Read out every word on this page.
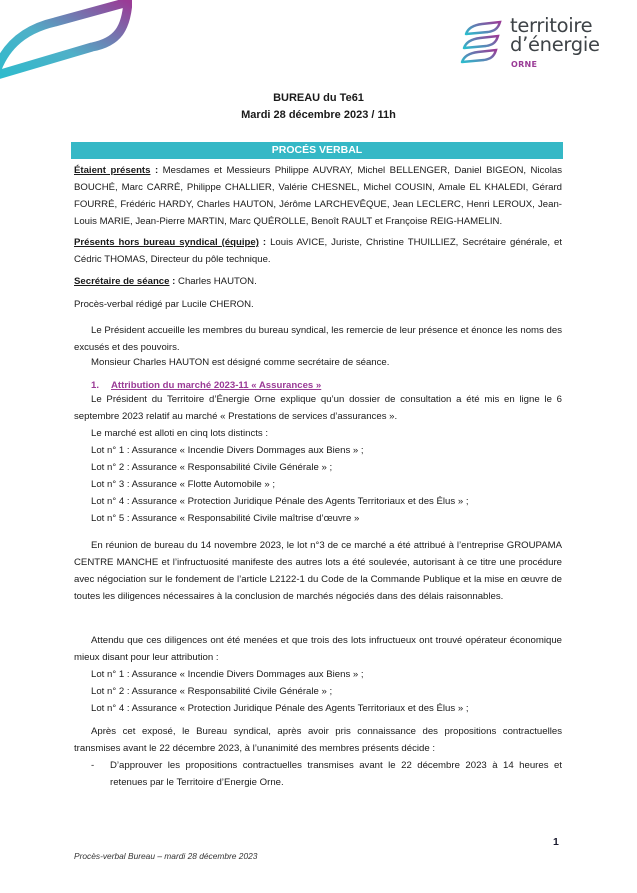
territoire
d’énergie
ORNE
BUREAU du Te61
Mardi 28 décembre 2023 / 11h
PROCÉS VERBAL
Étaient présents : Mesdames et Messieurs Philippe AUVRAY, Michel BELLENGER, Daniel BIGEON, Nicolas BOUCHÉ, Marc CARRÉ, Philippe CHALLIER, Valérie CHESNEL, Michel COUSIN, Amale EL KHALEDI, Gérard FOURRÉ, Frédéric HARDY, Charles HAUTON, Jérôme LARCHEVÊQUE, Jean LECLERC, Henri LEROUX, Jean-Louis MARIE, Jean-Pierre MARTIN, Marc QUÉROLLE, Benoît RAULT et Françoise REIG-HAMELIN.
Présents hors bureau syndical (équipe) : Louis AVICE, Juriste, Christine THUILLIEZ, Secrétaire générale, et Cédric THOMAS, Directeur du pôle technique.
Secrétaire de séance : Charles HAUTON.
Procès-verbal rédigé par Lucile CHERON.
Le Président accueille les membres du bureau syndical, les remercie de leur présence et énonce les noms des excusés et des pouvoirs.
Monsieur Charles HAUTON est désigné comme secrétaire de séance.
1. Attribution du marché 2023-11 « Assurances »
Le Président du Territoire d’Énergie Orne explique qu’un dossier de consultation a été mis en ligne le 6 septembre 2023 relatif au marché « Prestations de services d’assurances ».
Le marché est alloti en cinq lots distincts :
Lot n° 1 : Assurance « Incendie Divers Dommages aux Biens » ;
Lot n° 2 : Assurance « Responsabilité Civile Générale » ;
Lot n° 3 : Assurance « Flotte Automobile » ;
Lot n° 4 : Assurance « Protection Juridique Pénale des Agents Territoriaux et des Élus » ;
Lot n° 5 : Assurance « Responsabilité Civile maîtrise d’œuvre »
En réunion de bureau du 14 novembre 2023, le lot n°3 de ce marché a été attribué à l’entreprise GROUPAMA CENTRE MANCHE et l’infructuosité manifeste des autres lots a été soulevée, autorisant à ce titre une procédure avec négociation sur le fondement de l’article L2122-1 du Code de la Commande Publique et la mise en œuvre de toutes les diligences nécessaires à la conclusion de marchés négociés dans des délais raisonnables.
Attendu que ces diligences ont été menées et que trois des lots infructueux ont trouvé opérateur économique mieux disant pour leur attribution :
Lot n° 1 : Assurance « Incendie Divers Dommages aux Biens » ;
Lot n° 2 : Assurance « Responsabilité Civile Générale » ;
Lot n° 4 : Assurance « Protection Juridique Pénale des Agents Territoriaux et des Élus » ;
Après cet exposé, le Bureau syndical, après avoir pris connaissance des propositions contractuelles transmises avant le 22 décembre 2023, à l’unanimité des membres présents décide :
- D’approuver les propositions contractuelles transmises avant le 22 décembre 2023 à 14 heures et retenues par le Territoire d’Energie Orne.
1
Procès-verbal Bureau – mardi 28 décembre 2023
